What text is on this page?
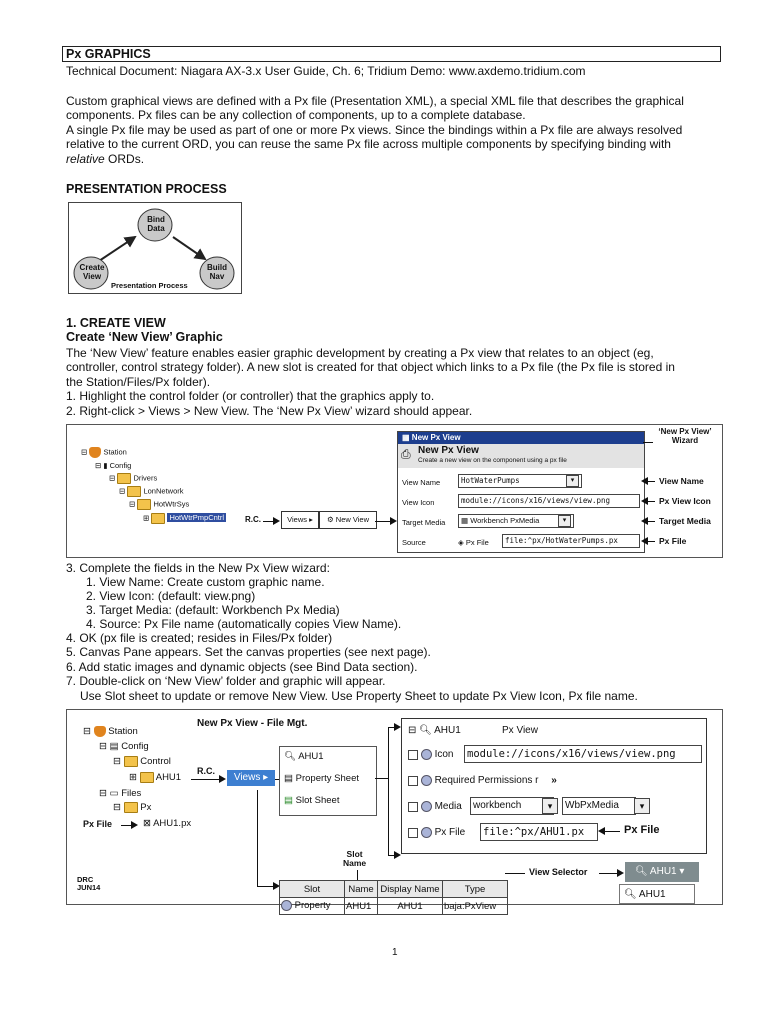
Px GRAPHICS
Technical Document: Niagara AX-3.x User Guide, Ch. 6; Tridium Demo: www.axdemo.tridium.com
Custom graphical views are defined with a Px file (Presentation XML), a special XML file that describes the graphical
components. Px files can be any collection of components, up to a complete database.
A single Px file may be used as part of one or more Px views. Since the bindings within a Px file are always resolved
relative to the current ORD, you can reuse the same Px file across multiple components by specifying binding with
relative ORDs.
PRESENTATION PROCESS
Bind Data
Create View
Build Nav
Presentation Process
1. CREATE VIEW
Create ‘New View’ Graphic
The ‘New View’ feature enables easier graphic development by creating a Px view that relates to an object (eg,
controller, control strategy folder). A new slot is created for that object which links to a Px file (the Px file is stored in
the Station/Files/Px folder).
1. Highlight the control folder (or controller) that the graphics apply to.
2. Right-click > Views > New View. The ‘New Px View’ wizard should appear.
⊟  Station
⊟ ▮ Config
⊟  Drivers
⊟  LonNetwork
⊟  HotWtrSys
⊞  HotWtrPmpCntrl	R.C.	Views ▸	⚙ New View
▦ New Px View
⎙ New Px View
Create a new view on the component using a px file
View Name	HotWaterPumps	▾
View Icon	module://icons/x16/views/view.png
Target Media	▦ Workbench PxMedia	▾
Source	◈ Px File	file:^px/HotWaterPumps.px
‘New Px View’
Wizard
View Name
Px View Icon
Target Media
Px File
3. Complete the fields in the New Px View wizard:
1. View Name: Create custom graphic name.
2. View Icon: (default: view.png)
3. Target Media: (default: Workbench Px Media)
4. Source: Px File name (automatically copies View Name).
4. OK (px file is created; resides in Files/Px folder)
5. Canvas Pane appears. Set the canvas properties (see next page).
6. Add static images and dynamic objects (see Bind Data section).
7. Double-click on ‘New View’ folder and graphic will appear.
Use Slot sheet to update or remove New View. Use Property Sheet to update Px View Icon, Px file name.
New Px View - File Mgt.
⊟  Station
⊟ ▤ Config
⊟  Control
⊞  AHU1
⊟ ▭ Files
⊟  Px
⊠ AHU1.px
Px File
R.C.
Views ▸
🔍︎ AHU1
▤ Property Sheet
▤ Slot Sheet
⊟ 🔍︎ AHU1	Px View
Icon module://icons/x16/views/view.png
Required Permissions r »
Media	workbench	▾	WbPxMedia	▾
Px File file:^px/AHU1.px	Px File
Slot
Name
Slot	Name	Display Name	Type
Property	AHU1	AHU1	baja:PxView
View Selector	🔍︎ AHU1 ▾
🔍︎ AHU1
DRC
JUN14
1
